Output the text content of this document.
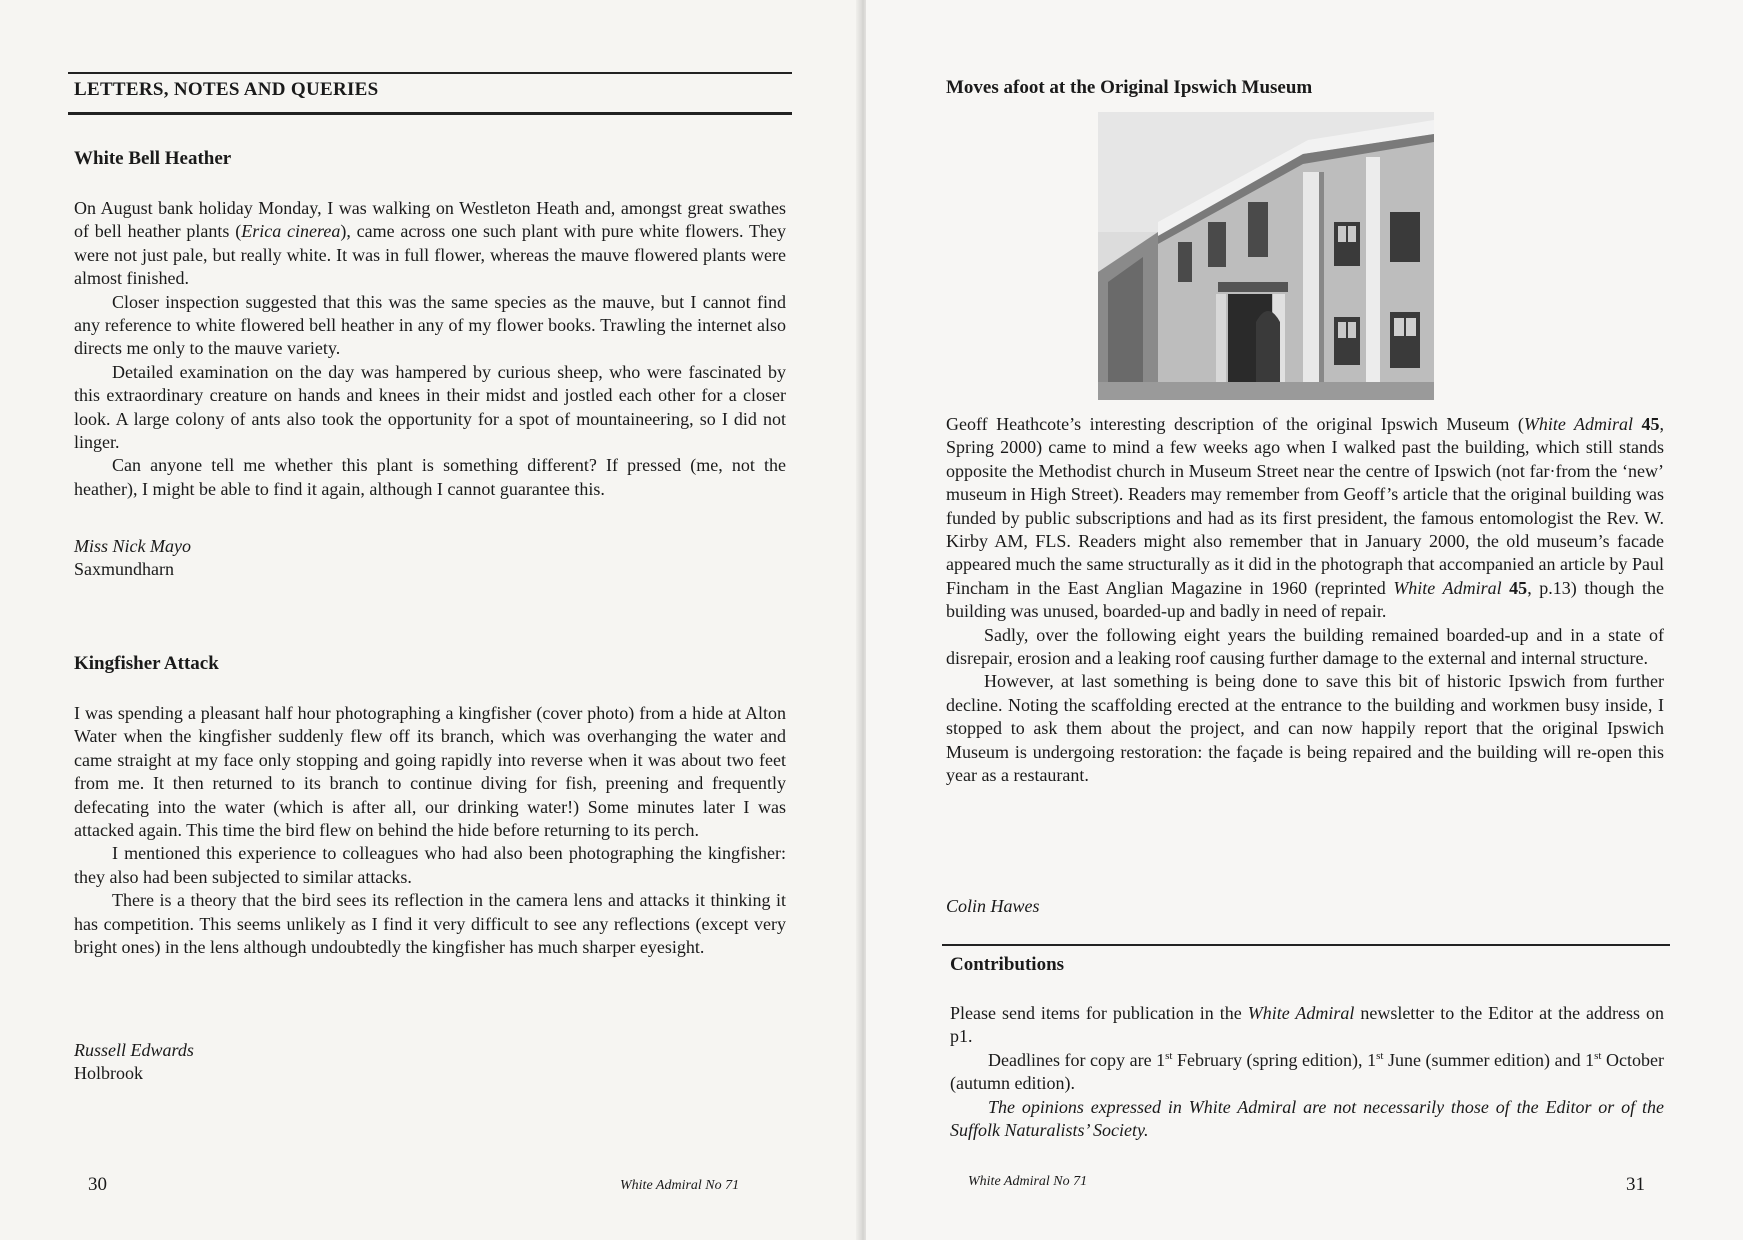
LETTERS, NOTES AND QUERIES
White Bell Heather

On August bank holiday Monday, I was walking on Westleton Heath and, amongst great swathes of bell heather plants (Erica cinerea), came across one such plant with pure white flowers. They were not just pale, but really white. It was in full flower, whereas the mauve flowered plants were almost finished.

Closer inspection suggested that this was the same species as the mauve, but I cannot find any reference to white flowered bell heather in any of my flower books. Trawling the internet also directs me only to the mauve variety.

Detailed examination on the day was hampered by curious sheep, who were fascinated by this extraordinary creature on hands and knees in their midst and jostled each other for a closer look. A large colony of ants also took the opportunity for a spot of mountaineering, so I did not linger.

Can anyone tell me whether this plant is something different? If pressed (me, not the heather), I might be able to find it again, although I cannot guarantee this.

Miss Nick Mayo
Saxmundharn
Kingfisher Attack

I was spending a pleasant half hour photographing a kingfisher (cover photo) from a hide at Alton Water when the kingfisher suddenly flew off its branch, which was overhanging the water and came straight at my face only stopping and going rapidly into reverse when it was about two feet from me. It then returned to its branch to continue diving for fish, preening and frequently defecating into the water (which is after all, our drinking water!) Some minutes later I was attacked again. This time the bird flew on behind the hide before returning to its perch.

I mentioned this experience to colleagues who had also been photographing the kingfisher: they also had been subjected to similar attacks.

There is a theory that the bird sees its reflection in the camera lens and attacks it thinking it has competition. This seems unlikely as I find it very difficult to see any reflections (except very bright ones) in the lens although undoubtedly the kingfisher has much sharper eyesight.

Russell Edwards
Holbrook
30	White Admiral No 71
Moves afoot at the Original Ipswich Museum

Geoff Heathcote’s interesting description of the original Ipswich Museum (White Admiral 45, Spring 2000) came to mind a few weeks ago when I walked past the building, which still stands opposite the Methodist church in Museum Street near the centre of Ipswich (not far·from the ‘new’ museum in High Street). Readers may remember from Geoff’s article that the original building was funded by public subscriptions and had as its first president, the famous entomologist the Rev. W. Kirby AM, FLS. Readers might also remember that in January 2000, the old museum’s facade appeared much the same structurally as it did in the photograph that accompanied an article by Paul Fincham in the East Anglian Magazine in 1960 (reprinted White Admiral 45, p.13) though the building was unused, boarded-up and badly in need of repair.

Sadly, over the following eight years the building remained boarded-up and in a state of disrepair, erosion and a leaking roof causing further damage to the external and internal structure.

However, at last something is being done to save this bit of historic Ipswich from further decline. Noting the scaffolding erected at the entrance to the building and workmen busy inside, I stopped to ask them about the project, and can now happily report that the original Ipswich Museum is undergoing restoration: the façade is being repaired and the building will re-open this year as a restaurant.

Colin Hawes
Contributions

Please send items for publication in the White Admiral newsletter to the Editor at the address on p1.

Deadlines for copy are 1st February (spring edition), 1st June (summer edition) and 1st October (autumn edition).

The opinions expressed in White Admiral are not necessarily those of the Editor or of the Suffolk Naturalists’ Society.

White Admiral No 71	31
